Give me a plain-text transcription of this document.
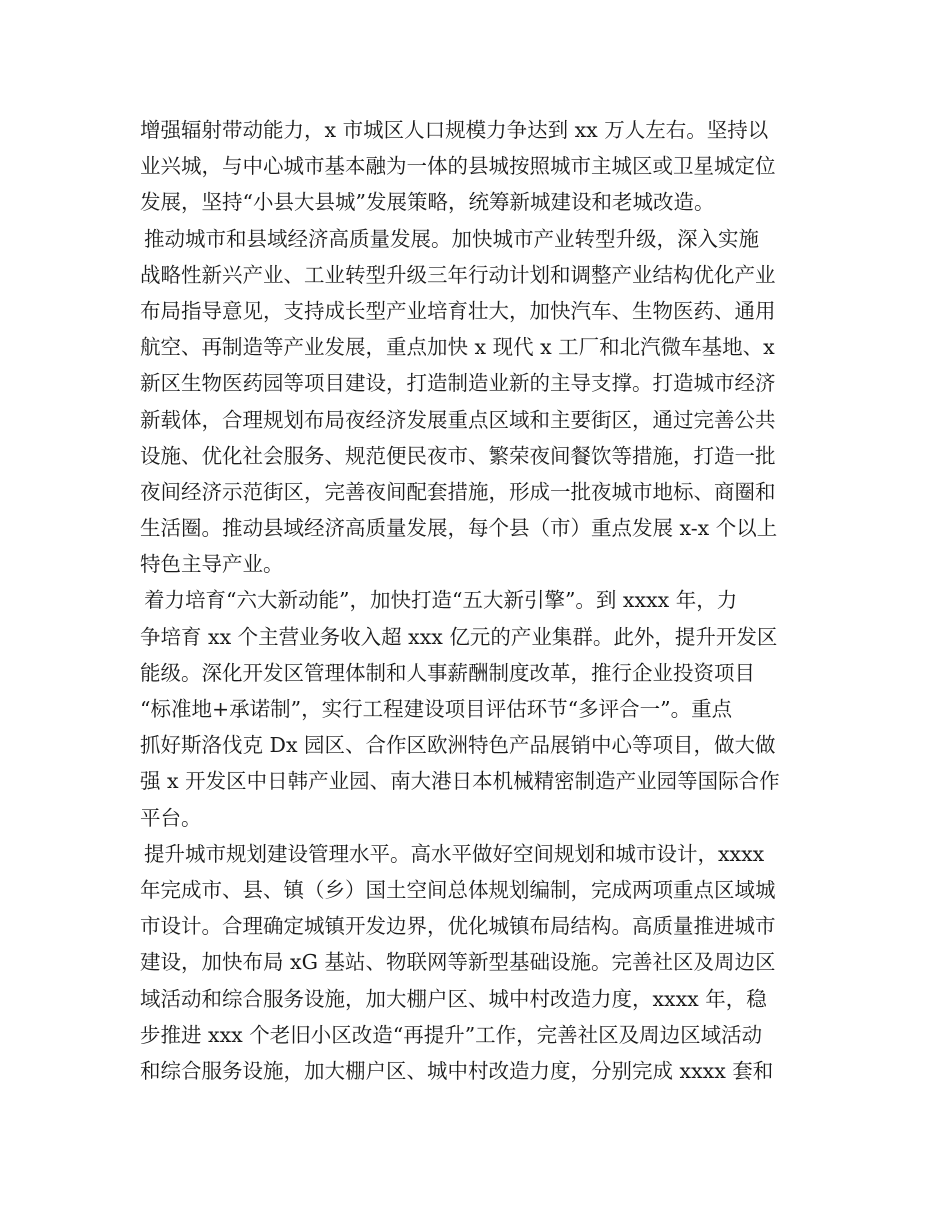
增强辐射带动能力，x 市城区人口规模力争达到 xx 万人左右。坚持以
业兴城，与中心城市基本融为一体的县城按照城市主城区或卫星城定位
发展，坚持“小县大县城”发展策略，统筹新城建设和老城改造。
推动城市和县域经济高质量发展。加快城市产业转型升级，深入实施
战略性新兴产业、工业转型升级三年行动计划和调整产业结构优化产业
布局指导意见，支持成长型产业培育壮大，加快汽车、生物医药、通用
航空、再制造等产业发展，重点加快 x 现代 x 工厂和北汽微车基地、x
新区生物医药园等项目建设，打造制造业新的主导支撑。打造城市经济
新载体，合理规划布局夜经济发展重点区域和主要街区，通过完善公共
设施、优化社会服务、规范便民夜市、繁荣夜间餐饮等措施，打造一批
夜间经济示范街区，完善夜间配套措施，形成一批夜城市地标、商圈和
生活圈。推动县域经济高质量发展，每个县（市）重点发展 x-x 个以上
特色主导产业。
着力培育“六大新动能”，加快打造“五大新引擎”。到 xxxx 年，力
争培育 xx 个主营业务收入超 xxx 亿元的产业集群。此外，提升开发区
能级。深化开发区管理体制和人事薪酬制度改革，推行企业投资项目
“标准地+承诺制”，实行工程建设项目评估环节“多评合一”。重点
抓好斯洛伐克 Dx 园区、合作区欧洲特色产品展销中心等项目，做大做
强 x 开发区中日韩产业园、南大港日本机械精密制造产业园等国际合作
平台。
提升城市规划建设管理水平。高水平做好空间规划和城市设计，xxxx
年完成市、县、镇（乡）国土空间总体规划编制，完成两项重点区域城
市设计。合理确定城镇开发边界，优化城镇布局结构。高质量推进城市
建设，加快布局 xG 基站、物联网等新型基础设施。完善社区及周边区
域活动和综合服务设施，加大棚户区、城中村改造力度，xxxx 年，稳
步推进 xxx 个老旧小区改造“再提升”工作，完善社区及周边区域活动
和综合服务设施，加大棚户区、城中村改造力度，分别完成 xxxx 套和
